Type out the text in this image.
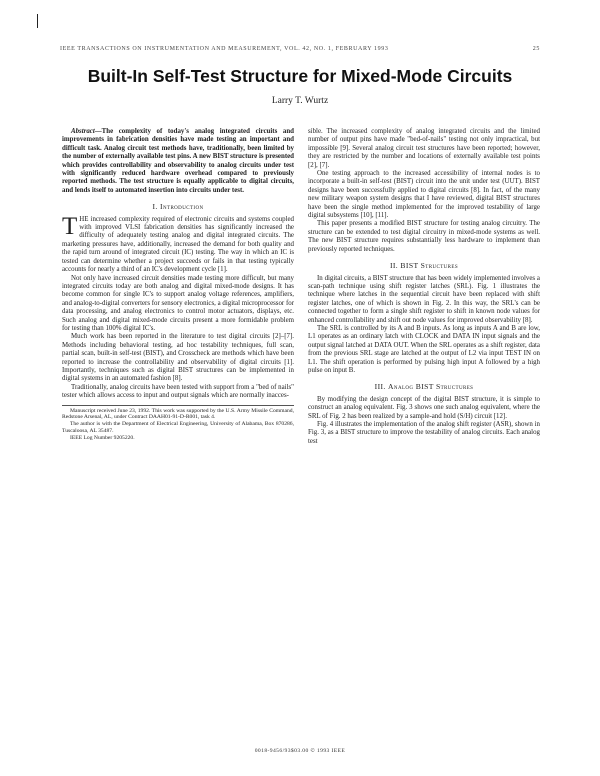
IEEE TRANSACTIONS ON INSTRUMENTATION AND MEASUREMENT, VOL. 42, NO. 1, FEBRUARY 1993	25
Built-In Self-Test Structure for Mixed-Mode Circuits
Larry T. Wurtz

Abstract—The complexity of today's analog integrated circuits and improvements in fabrication densities have made testing an important and difficult task. Analog circuit test methods have, traditionally, been limited by the number of externally available test pins. A new BIST structure is presented which provides controllability and observability to analog circuits under test with significantly reduced hardware overhead compared to previously reported methods. The test structure is equally applicable to digital circuits, and lends itself to automated insertion into circuits under test.

I. Introduction

THE increased complexity required of electronic circuits and systems coupled with improved VLSI fabrication densities has significantly increased the difficulty of adequately testing analog and digital integrated circuits. The marketing pressures have, additionally, increased the demand for both quality and the rapid turn around of integrated circuit (IC) testing. The way in which an IC is tested can determine whether a project succeeds or fails in that testing typically accounts for nearly a third of an IC's development cycle [1].

Not only have increased circuit densities made testing more difficult, but many integrated circuits today are both analog and digital mixed-mode designs. It has become common for single IC's to support analog voltage references, amplifiers, and analog-to-digital converters for sensory electronics, a digital microprocessor for data processing, and analog electronics to control motor actuators, displays, etc. Such analog and digital mixed-mode circuits present a more formidable problem for testing than 100% digital IC's.

Much work has been reported in the literature to test digital circuits [2]–[7]. Methods including behavioral testing, ad hoc testability techniques, full scan, partial scan, built-in self-test (BIST), and Crosscheck are methods which have been reported to increase the controllability and observability of digital circuits [1]. Importantly, techniques such as digital BIST structures can be implemented in digital systems in an automated fashion [8].

Traditionally, analog circuits have been tested with support from a "bed of nails" tester which allows access to input and output signals which are normally inacces-

Manuscript received June 23, 1992. This work was supported by the U.S. Army Missile Command, Redstone Arsenal, AL, under Contract DAAH01-91-D-R001, task 4.

The author is with the Department of Electrical Engineering, University of Alabama, Box 870286, Tuscaloosa, AL 35487.

IEEE Log Number 9205220.

sible. The increased complexity of analog integrated circuits and the limited number of output pins have made "bed-of-nails" testing not only impractical, but impossible [9]. Several analog circuit test structures have been reported; however, they are restricted by the number and locations of externally available test points [2], [7].

One testing approach to the increased accessibility of internal nodes is to incorporate a built-in self-test (BIST) circuit into the unit under test (UUT). BIST designs have been successfully applied to digital circuits [8]. In fact, of the many new military weapon system designs that I have reviewed, digital BIST structures have been the single method implemented for the improved testability of large digital subsystems [10], [11].

This paper presents a modified BIST structure for testing analog circuitry. The structure can be extended to test digital circuitry in mixed-mode systems as well. The new BIST structure requires substantially less hardware to implement than previously reported techniques.

II. BIST Structures

In digital circuits, a BIST structure that has been widely implemented involves a scan-path technique using shift register latches (SRL). Fig. 1 illustrates the technique where latches in the sequential circuit have been replaced with shift register latches, one of which is shown in Fig. 2. In this way, the SRL's can be connected together to form a single shift register to shift in known node values for enhanced controllability and shift out node values for improved observability [8].

The SRL is controlled by its A and B inputs. As long as inputs A and B are low, L1 operates as an ordinary latch with CLOCK and DATA IN input signals and the output signal latched at DATA OUT. When the SRL operates as a shift register, data from the previous SRL stage are latched at the output of L2 via input TEST IN on L1. The shift operation is performed by pulsing high input A followed by a high pulse on input B.

III. Analog BIST Structures

By modifying the design concept of the digital BIST structure, it is simple to construct an analog equivalent. Fig. 3 shows one such analog equivalent, where the SRL of Fig. 2 has been realized by a sample-and hold (S/H) circuit [12].

Fig. 4 illustrates the implementation of the analog shift register (ASR), shown in Fig. 3, as a BIST structure to improve the testability of analog circuits. Each analog test

0018-9456/93$03.00 © 1993 IEEE
